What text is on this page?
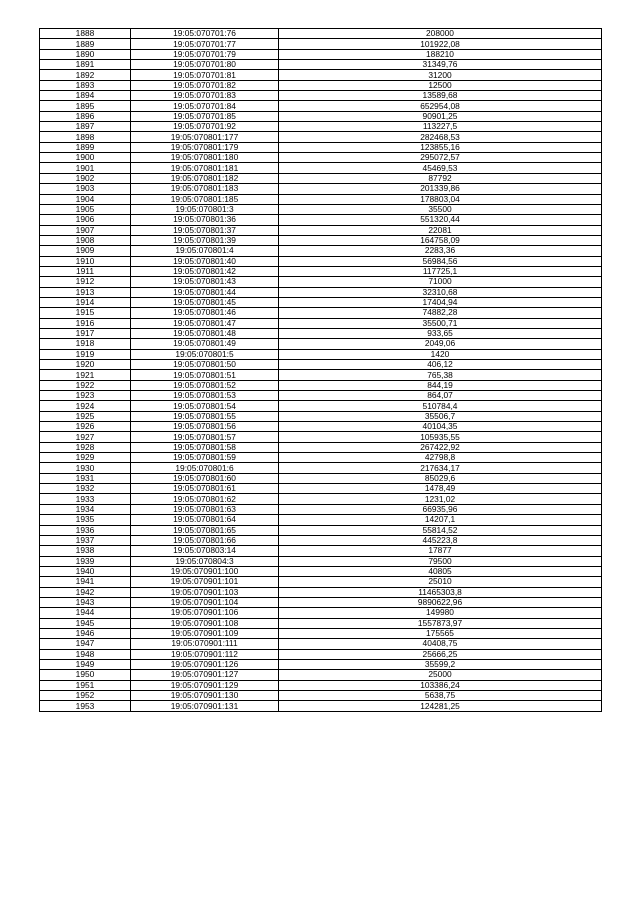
1888	19:05:070701:76	208000
1889	19:05:070701:77	101922,08
1890	19:05:070701:79	188210
1891	19:05:070701:80	31349,76
1892	19:05:070701:81	31200
1893	19:05:070701:82	12500
1894	19:05:070701:83	13589,68
1895	19:05:070701:84	652954,08
1896	19:05:070701:85	90901,25
1897	19:05:070701:92	113227,5
1898	19:05:070801:177	282468,53
1899	19:05:070801:179	123855,16
1900	19:05:070801:180	295072,57
1901	19:05:070801:181	45469,53
1902	19:05:070801:182	87792
1903	19:05:070801:183	201339,86
1904	19:05:070801:185	178803,04
1905	19:05:070801:3	35500
1906	19:05:070801:36	551320,44
1907	19:05:070801:37	22081
1908	19:05:070801:39	164758,09
1909	19:05:070801:4	2283,36
1910	19:05:070801:40	56984,56
1911	19:05:070801:42	117725,1
1912	19:05:070801:43	71000
1913	19:05:070801:44	32310,68
1914	19:05:070801:45	17404,94
1915	19:05:070801:46	74882,28
1916	19:05:070801:47	35500,71
1917	19:05:070801:48	933,65
1918	19:05:070801:49	2049,06
1919	19:05:070801:5	1420
1920	19:05:070801:50	406,12
1921	19:05:070801:51	765,38
1922	19:05:070801:52	844,19
1923	19:05:070801:53	864,07
1924	19:05:070801:54	510784,4
1925	19:05:070801:55	35506,7
1926	19:05:070801:56	40104,35
1927	19:05:070801:57	105935,55
1928	19:05:070801:58	267422,92
1929	19:05:070801:59	42798,8
1930	19:05:070801:6	217634,17
1931	19:05:070801:60	85029,6
1932	19:05:070801:61	1478,49
1933	19:05:070801:62	1231,02
1934	19:05:070801:63	66935,96
1935	19:05:070801:64	14207,1
1936	19:05:070801:65	55814,52
1937	19:05:070801:66	445223,8
1938	19:05:070803:14	17877
1939	19:05:070804:3	79500
1940	19:05:070901:100	40805
1941	19:05:070901:101	25010
1942	19:05:070901:103	11465303,8
1943	19:05:070901:104	9890622,96
1944	19:05:070901:106	149980
1945	19:05:070901:108	1557873,97
1946	19:05:070901:109	175565
1947	19:05:070901:111	40408,75
1948	19:05:070901:112	25666,25
1949	19:05:070901:126	35599,2
1950	19:05:070901:127	25000
1951	19:05:070901:129	103386,24
1952	19:05:070901:130	5638,75
1953	19:05:070901:131	124281,25
